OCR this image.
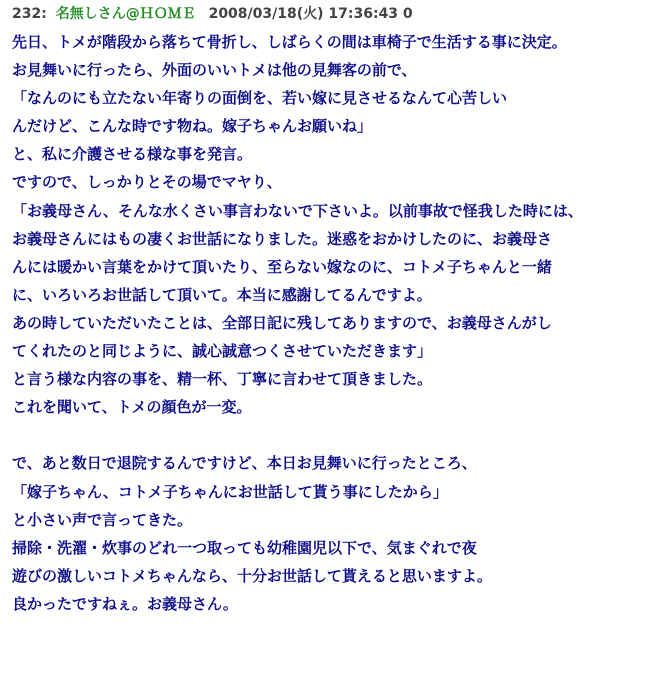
232: 名無しさん@ＨＯＭＥ 2008/03/18(火) 17:36:43 0
先日、トメが階段から落ちて骨折し、しばらくの間は車椅子で生活する事に決定。
お見舞いに行ったら、外面のいいトメは他の見舞客の前で、
「なんのにも立たない年寄りの面倒を、若い嫁に見させるなんて心苦しい
んだけど、こんな時です物ね。嫁子ちゃんお願いね」
と、私に介護させる様な事を発言。
ですので、しっかりとその場でマヤり、
「お義母さん、そんな水くさい事言わないで下さいよ。以前事故で怪我した時には、
お義母さんにはもの凄くお世話になりました。迷惑をおかけしたのに、お義母さ
んには暖かい言葉をかけて頂いたり、至らない嫁なのに、コトメ子ちゃんと一緒
に、いろいろお世話して頂いて。本当に感謝してるんですよ。
あの時していただいたことは、全部日記に残してありますので、お義母さんがし
てくれたのと同じように、誠心誠意つくさせていただきます」
と言う様な内容の事を、精一杯、丁寧に言わせて頂きました。
これを聞いて、トメの顔色が一変。
で、あと数日で退院するんですけど、本日お見舞いに行ったところ、
「嫁子ちゃん、コトメ子ちゃんにお世話して貰う事にしたから」
と小さい声で言ってきた。
掃除・洗濯・炊事のどれ一つ取っても幼稚園児以下で、気まぐれで夜
遊びの激しいコトメちゃんなら、十分お世話して貰えると思いますよ。
良かったですねぇ。お義母さん。
